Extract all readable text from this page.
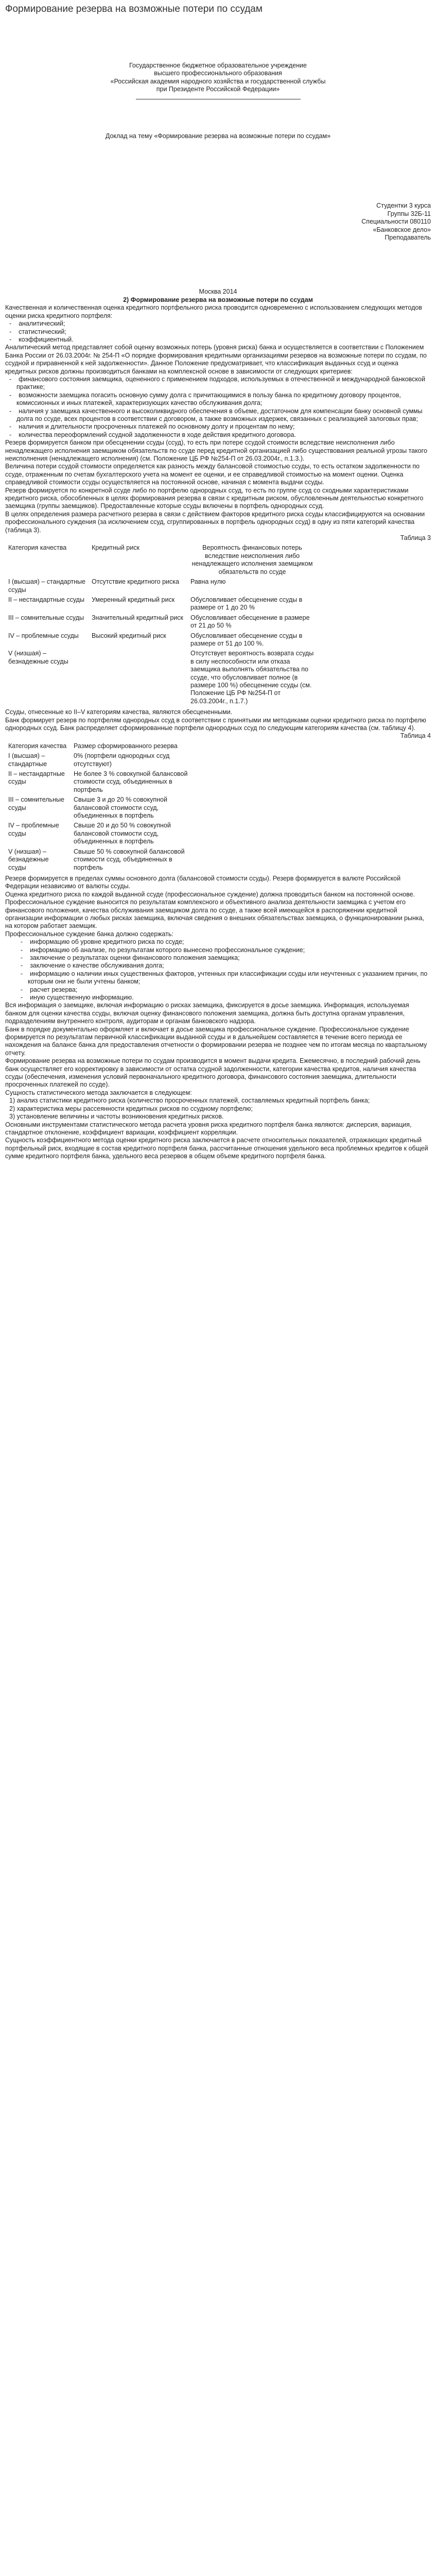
Формирование резерва на возможные потери по ссудам

Государственное бюджетное образовательное учреждение

высшего профессионального образования

«Российская академия народного хозяйства и государственной службы

при Президенте Российской Федерации»

Доклад на тему «Формирование резерва на возможные потери по ссудам»

Студентки 3 курса

Группы 32Б-11

Специальности 080110

«Банковское дело»

Преподаватель

Москва 2014

2) Формирование резерва на возможные потери по ссудам

Качественная и количественная оценка кредитного портфельного риска проводится одновременно с использованием следующих методов оценки риска кредитного портфеля:

-    аналитический;

-    статистический;

-    коэффициентный.

Аналитический метод представляет собой оценку возможных потерь (уровня риска) банка и осуществляется в соответствии с Положением Банка России от 26.03.2004г. № 254-П «О порядке формирования кредитными организациями резервов на возможные потери по ссудам, по ссудной и приравненной к ней задолженности». Данное Положение предусматривает, что классификация выданных ссуд и оценка кредитных рисков должны производиться банками на комплексной основе в зависимости от следующих критериев:

-    финансового состояния заемщика, оцененного с применением подходов, используемых в отечественной и международной банковской практике;

-    возможности заемщика погасить основную сумму долга с причитающимися в пользу банка по кредитному договору процентов, комиссионных и иных платежей, характеризующих качество обслуживания долга;

-    наличия у заемщика качественного и высоколиквидного обеспечения в объеме, достаточном для компенсации банку основной суммы долга по ссуде, всех процентов в соответствии с договором, а также возможных издержек, связанных с реализацией залоговых прав;

-    наличия и длительности просроченных платежей по основному долгу и процентам по нему;

-    количества переоформлений ссудной задолженности в ходе действия кредитного договора.

Резерв формируется банком при обесценении ссуды (ссуд), то есть при потере ссудой стоимости вследствие неисполнения либо ненадлежащего исполнения заемщиком обязательств по ссуде перед кредитной организацией либо существования реальной угрозы такого неисполнения (ненадлежащего исполнения) (см. Положение ЦБ РФ №254-П от 26.03.2004г., п.1.3.).

Величина потери ссудой стоимости определяется как разность между балансовой стоимостью ссуды, то есть остатком задолженности по ссуде, отраженным по счетам бухгалтерского учета на момент ее оценки, и ее справедливой стоимостью на момент оценки. Оценка справедливой стоимости ссуды осуществляется на постоянной основе, начиная с момента выдачи ссуды.

Резерв формируется по конкретной ссуде либо по портфелю однородных ссуд, то есть по группе ссуд со сходными характеристиками кредитного риска, обособленных в целях формирования резерва в связи с кредитным риском, обусловленным деятельностью конкретного заемщика (группы заемщиков). Предоставленные которые ссуды включены в портфель однородных ссуд.

В целях определения размера расчетного резерва в связи с действием факторов кредитного риска ссуды классифицируются на основании профессионального суждения (за исключением ссуд, сгруппированных в портфель однородных ссуд) в одну из пяти категорий качества (таблица 3).

Таблица 3

Категория качества	Кредитный риск	Вероятность финансовых потерь вследствие неисполнения либо ненадлежащего исполнения заемщиком обязательств по ссуде
I (высшая) – стандартные ссуды	Отсутствие кредитного риска	Равна нулю
II – нестандартные ссуды	Умеренный кредитный риск	Обусловливает обесценение ссуды в размере от 1 до 20 %
III – сомнительные ссуды	Значительный кредитный риск	Обусловливает обесценение в размере от 21 до 50 %
IV – проблемные ссуды	Высокий кредитный риск	Обусловливает обесценение ссуды в размере от 51 до 100 %.
V (низшая) – безнадежные ссуды		Отсутствует вероятность возврата ссуды в силу неспособности или отказа заемщика выполнять обязательства по ссуде, что обусловливает полное (в размере 100 %) обесценение ссуды (см. Положение ЦБ РФ №254-П от 26.03.2004г., п.1.7.)

Ссуды, отнесенные ко II–V категориям качества, являются обесцененными.

Банк формирует резерв по портфелям однородных ссуд в соответствии с принятыми им методиками оценки кредитного риска по портфелю однородных ссуд. Банк распределяет сформированные портфели однородных ссуд по следующим категориям качества (см. таблицу 4).

Таблица 4

Категория качества	Размер сформированного резерва
I (высшая) – стандартные	0% (портфели однородных ссуд отсутствуют)
II – нестандартные ссуды	Не более 3 % совокупной балансовой стоимости ссуд, объединенных в портфель
III – сомнительные ссуды	Свыше 3 и до 20 % совокупной балансовой стоимости ссуд, объединенных в портфель
IV – проблемные ссуды	Свыше 20 и до 50 % совокупной балансовой стоимости ссуд, объединенных в портфель
V (низшая) – безнадежные ссуды	Свыше 50 % совокупной балансовой стоимости ссуд, объединенных в портфель

Резерв формируется в пределах суммы основного долга (балансовой стоимости ссуды). Резерв формируется в валюте Российской Федерации независимо от валюты ссуды.

Оценка кредитного риска по каждой выданной ссуде (профессиональное суждение) должна проводиться банком на постоянной основе.

Профессиональное суждение выносится по результатам комплексного и объективного анализа деятельности заемщика с учетом его финансового положения, качества обслуживания заемщиком долга по ссуде, а также всей имеющейся в распоряжении кредитной организации информации о любых рисках заемщика, включая сведения о внешних обязательствах заемщика, о функционировании рынка, на котором работает заемщик.

Профессиональное суждение банка должно содержать:

-    информацию об уровне кредитного риска по ссуде;

-    информацию об анализе, по результатам которого вынесено профессиональное суждение;

-    заключение о результатах оценки финансового положения заемщика;

-    заключение о качестве обслуживания долга;

-    информацию о наличии иных существенных факторов, учтенных при классификации ссуды или неучтенных с указанием причин, по которым они не были учтены банком;

-    расчет резерва;

-    иную существенную информацию.

Вся информация о заемщике, включая информацию о рисках заемщика, фиксируется в досье заемщика. Информация, используемая банком для оценки качества ссуды, включая оценку финансового положения заемщика, должна быть доступна органам управления, подразделениям внутреннего контроля, аудиторам и органам банковского надзора.

Банк в порядке документально оформляет и включает в досье заемщика профессиональное суждение. Профессиональное суждение формируется по результатам первичной классификации выданной ссуды и в дальнейшем составляется в течение всего периода ее нахождения на балансе банка для предоставления отчетности о формировании резерва не позднее чем по итогам месяца по квартальному отчету.

Формирование резерва на возможные потери по ссудам производится в момент выдачи кредита. Ежемесячно, в последний рабочий день банк осуществляет его корректировку в зависимости от остатка ссудной задолженности, категории качества кредитов, наличия качества ссуды (обеспечения, изменения условий первоначального кредитного договора, финансового состояния заемщика, длительности просроченных платежей по ссуде).

Сущность статистического метода заключается в следующем:

1) анализ статистики кредитного риска (количество просроченных платежей, составляемых кредитный портфель банка;

2) характеристика меры рассеянности кредитных рисков по ссудному портфелю;

3) установление величины и частоты возникновения кредитных рисков.

Основными инструментами статистического метода расчета уровня риска кредитного портфеля банка являются: дисперсия, вариация, стандартное отклонение, коэффициент вариации, коэффициент корреляции.

Сущность коэффициентного метода оценки кредитного риска заключается в расчете относительных показателей, отражающих кредитный портфельный риск, входящие в состав кредитного портфеля банка, рассчитанные отношения удельного веса проблемных кредитов к общей сумме кредитного портфеля банка, удельного веса резервов в общем объеме кредитного портфеля банка.
